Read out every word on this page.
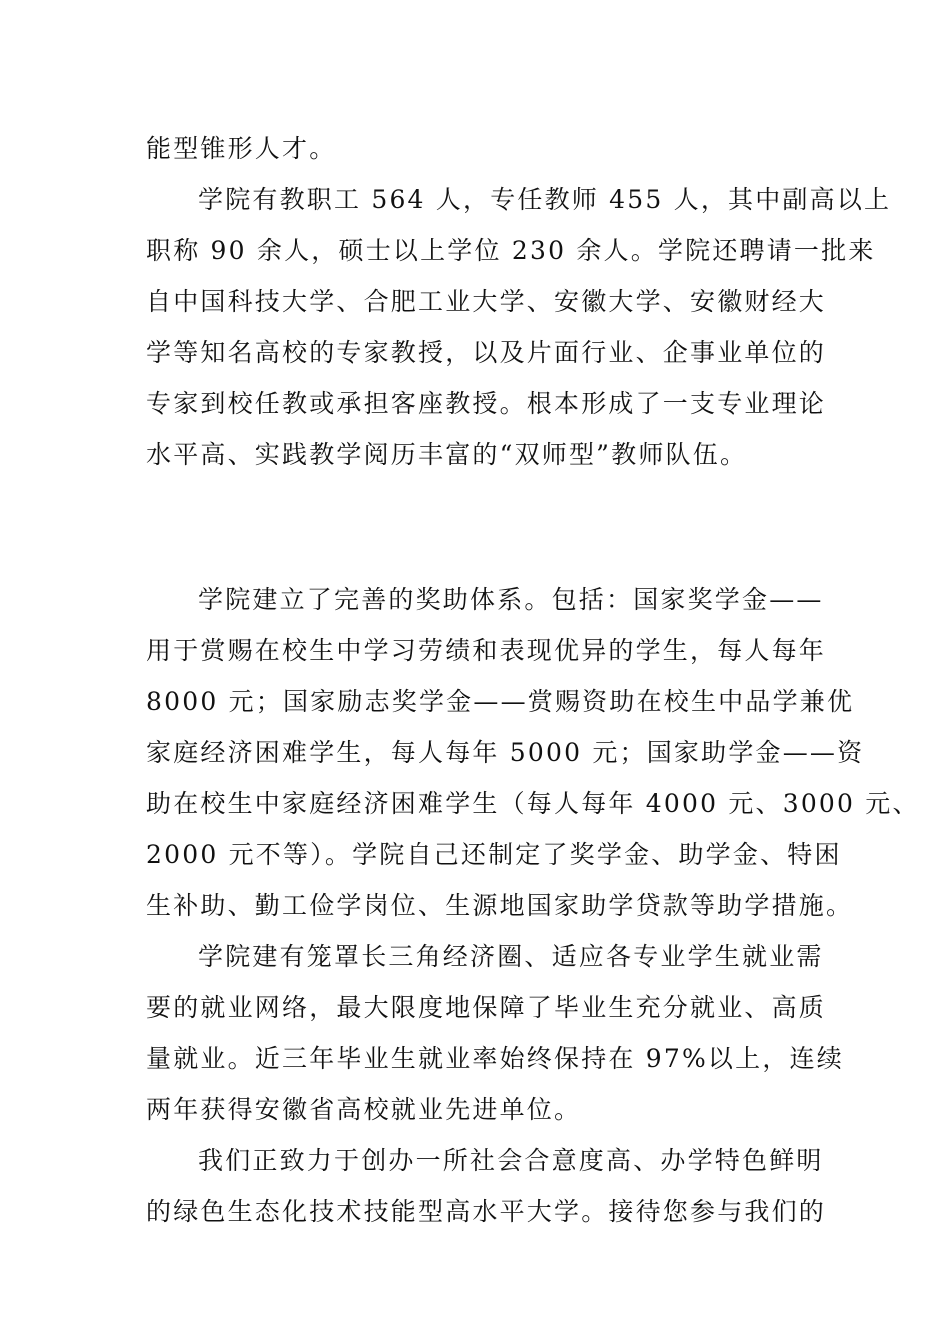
能型锥形人才。
学院有教职工 564 人，专任教师 455 人，其中副高以上
职称 90 余人，硕士以上学位 230 余人。学院还聘请一批来
自中国科技大学、合肥工业大学、安徽大学、安徽财经大
学等知名高校的专家教授，以及片面行业、企事业单位的
专家到校任教或承担客座教授。根本形成了一支专业理论
水平高、实践教学阅历丰富的“双师型”教师队伍。
学院建立了完善的奖助体系。包括：国家奖学金——
用于赏赐在校生中学习劳绩和表现优异的学生，每人每年
8000 元；国家励志奖学金——赏赐资助在校生中品学兼优
家庭经济困难学生，每人每年 5000 元；国家助学金——资
助在校生中家庭经济困难学生（每人每年 4000 元、3000 元、
2000 元不等）。学院自己还制定了奖学金、助学金、特困
生补助、勤工俭学岗位、生源地国家助学贷款等助学措施。
学院建有笼罩长三角经济圈、适应各专业学生就业需
要的就业网络，最大限度地保障了毕业生充分就业、高质
量就业。近三年毕业生就业率始终保持在 97%以上，连续
两年获得安徽省高校就业先进单位。
我们正致力于创办一所社会合意度高、办学特色鲜明
的绿色生态化技术技能型高水平大学。接待您参与我们的
